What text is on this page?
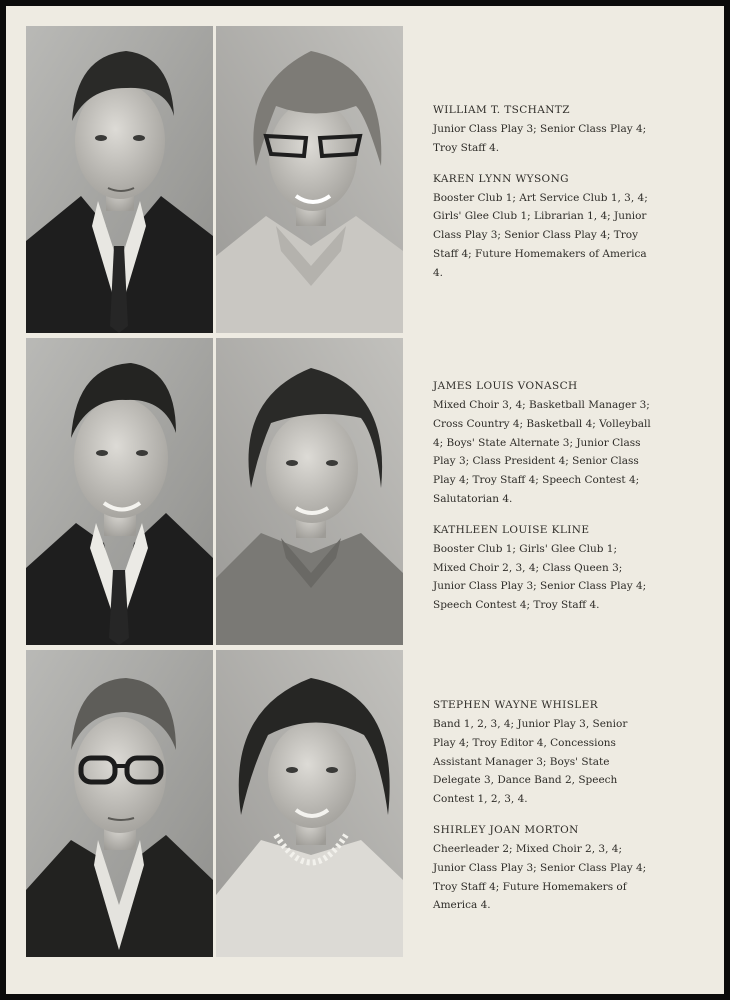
WILLIAM T. TSCHANTZ
Junior Class Play 3; Senior Class Play 4; Troy Staff 4.
KAREN LYNN WYSONG
Booster Club 1; Art Service Club 1, 3, 4; Girls' Glee Club 1; Librarian 1, 4; Junior Class Play 3; Senior Class Play 4; Troy Staff 4; Future Homemakers of America 4.
JAMES LOUIS VONASCH
Mixed Choir 3, 4; Basketball Manager 3; Cross Country 4; Basketball 4; Volleyball 4; Boys' State Alternate 3; Junior Class Play 3; Class President 4; Senior Class Play 4; Troy Staff 4; Speech Contest 4; Salutatorian 4.
KATHLEEN LOUISE KLINE
Booster Club 1; Girls' Glee Club 1; Mixed Choir 2, 3, 4; Class Queen 3; Junior Class Play 3; Senior Class Play 4; Speech Contest 4; Troy Staff 4.
STEPHEN WAYNE WHISLER
Band 1, 2, 3, 4; Junior Play 3, Senior Play 4; Troy Editor 4, Concessions Assistant Manager 3; Boys' State Delegate 3, Dance Band 2, Speech Contest 1, 2, 3, 4.
SHIRLEY JOAN MORTON
Cheerleader 2; Mixed Choir 2, 3, 4; Junior Class Play 3; Senior Class Play 4; Troy Staff 4; Future Homemakers of America 4.
